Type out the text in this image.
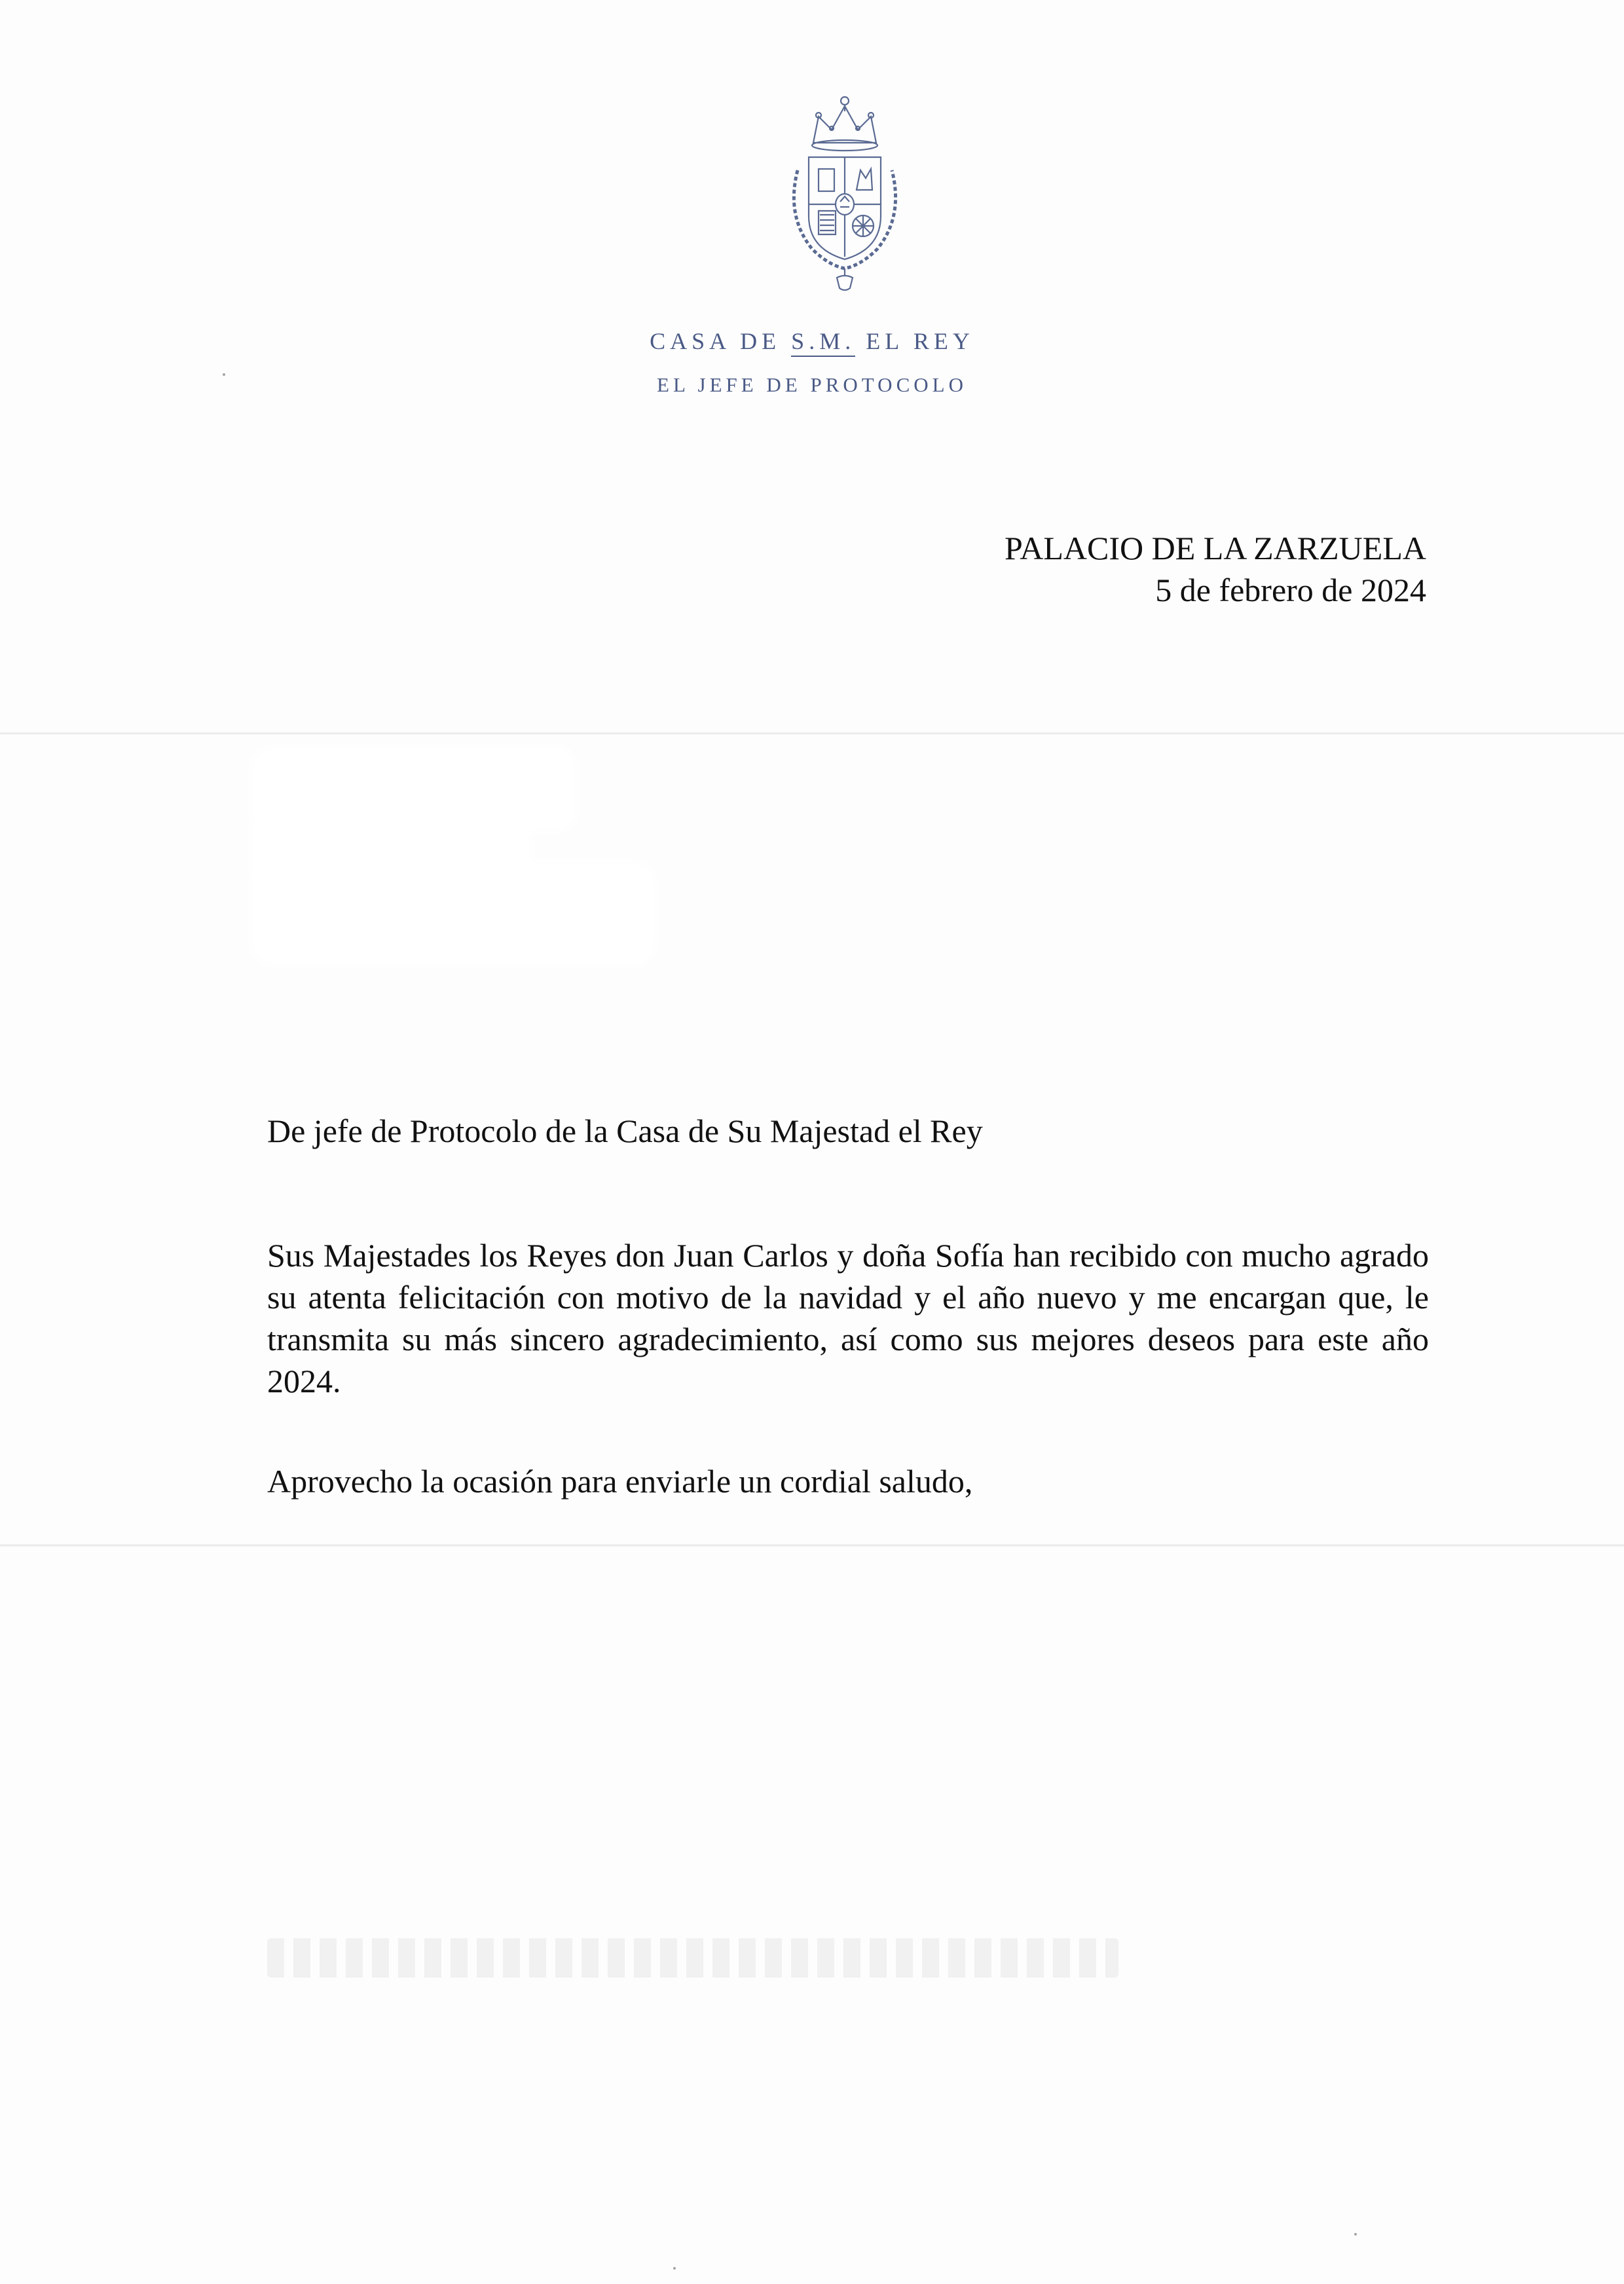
CASA DE S.M. EL REY
EL JEFE DE PROTOCOLO
PALACIO DE LA ZARZUELA
5 de febrero de 2024
De jefe de Protocolo de la Casa de Su Majestad el Rey
Sus Majestades los Reyes don Juan Carlos y doña Sofía han recibido con mucho agrado su atenta felicitación con motivo de la navidad y el año nuevo y me encargan que, le transmita su más sincero agradecimiento, así como sus mejores deseos para este año 2024.
Aprovecho la ocasión para enviarle un cordial saludo,
